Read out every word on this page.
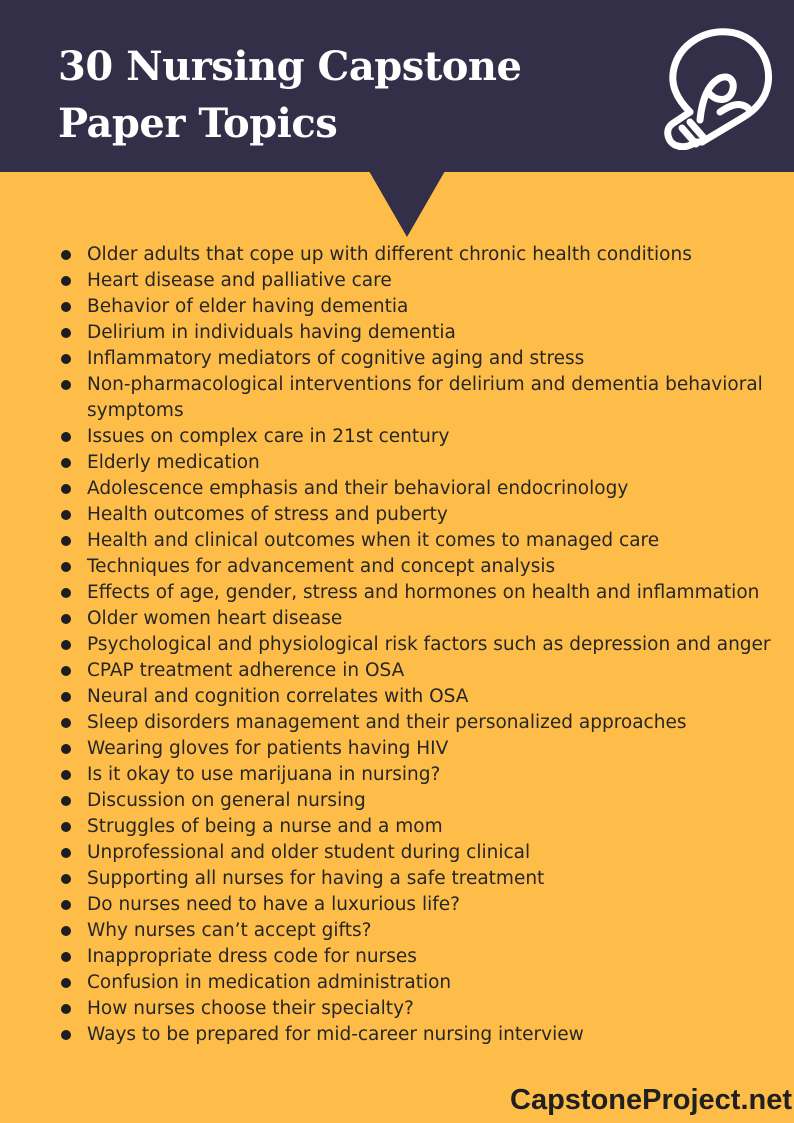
30 Nursing Capstone
Paper Topics
Older adults that cope up with different chronic health conditions
Heart disease and palliative care
Behavior of elder having dementia
Delirium in individuals having dementia
Inflammatory mediators of cognitive aging and stress
Non-pharmacological interventions for delirium and dementia behavioral symptoms
Issues on complex care in 21st century
Elderly medication
Adolescence emphasis and their behavioral endocrinology
Health outcomes of stress and puberty
Health and clinical outcomes when it comes to managed care
Techniques for advancement and concept analysis
Effects of age, gender, stress and hormones on health and inflammation
Older women heart disease
Psychological and physiological risk factors such as depression and anger
CPAP treatment adherence in OSA
Neural and cognition correlates with OSA
Sleep disorders management and their personalized approaches
Wearing gloves for patients having HIV
Is it okay to use marijuana in nursing?
Discussion on general nursing
Struggles of being a nurse and a mom
Unprofessional and older student during clinical
Supporting all nurses for having a safe treatment
Do nurses need to have a luxurious life?
Why nurses can’t accept gifts?
Inappropriate dress code for nurses
Confusion in medication administration
How nurses choose their specialty?
Ways to be prepared for mid-career nursing interview
CapstoneProject.net
